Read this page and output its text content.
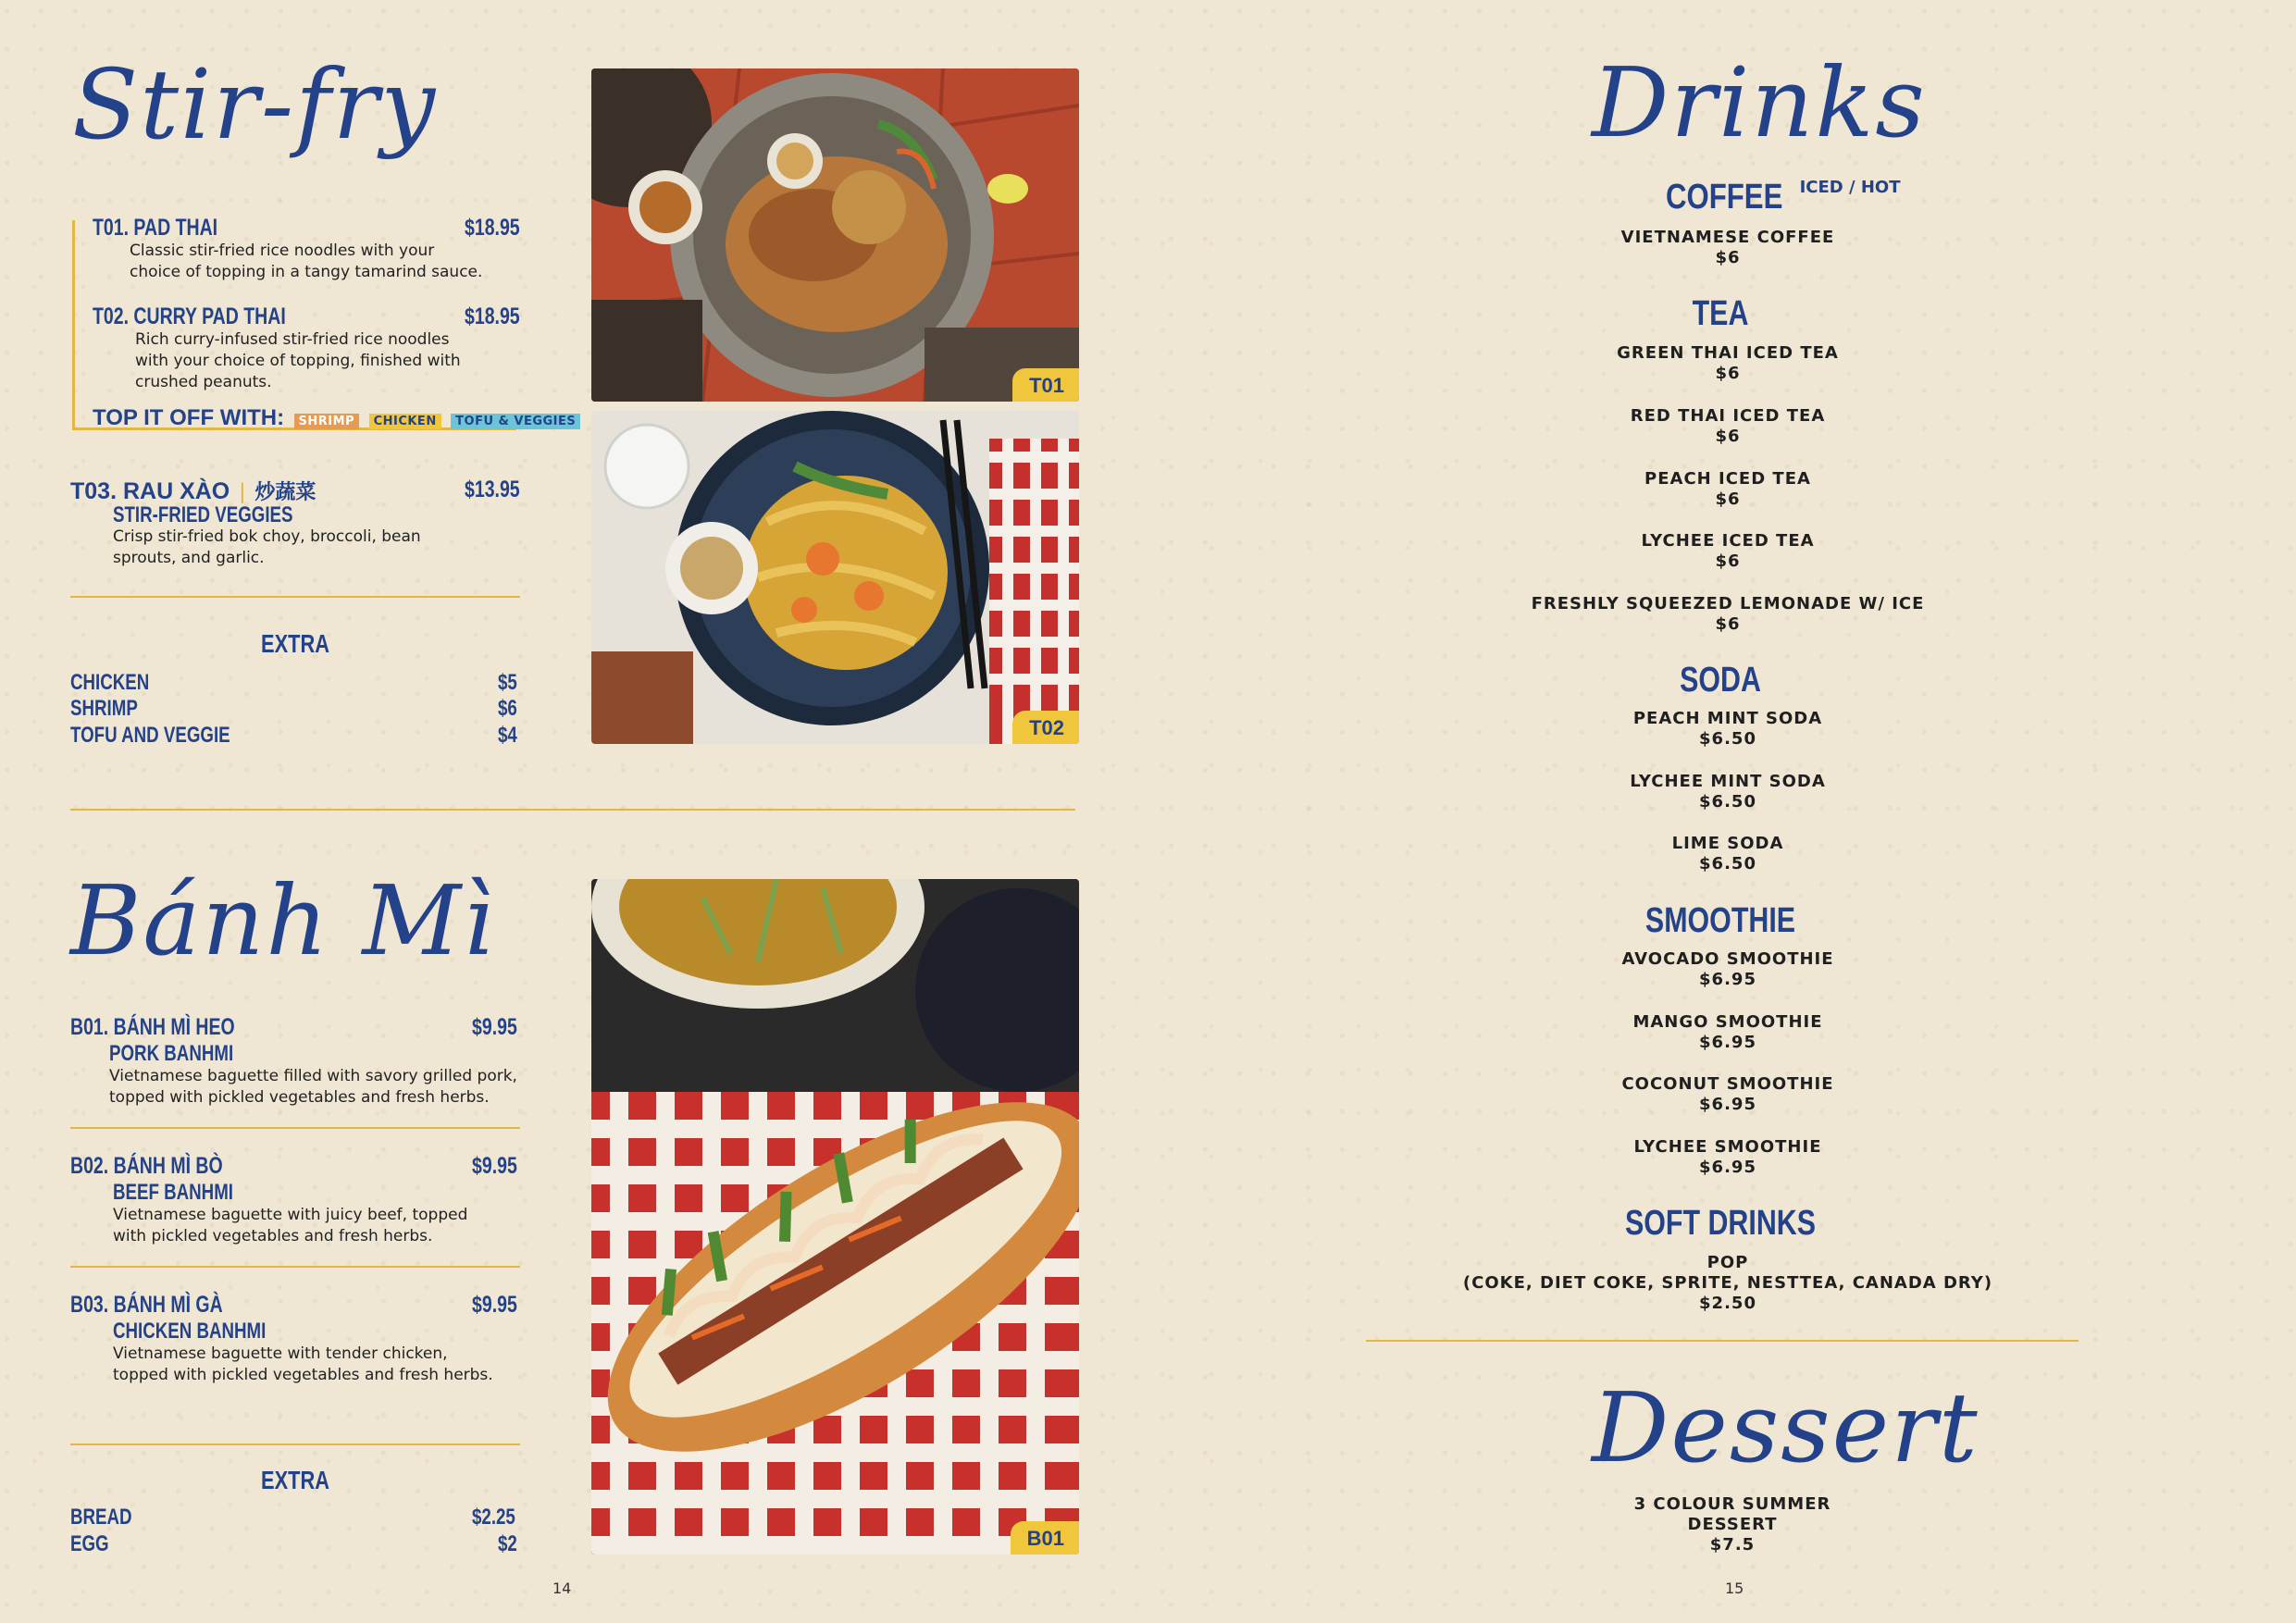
Stir-fry
T01. PAD THAI	$18.95
Classic stir-fried rice noodles with your
choice of topping in a tangy tamarind sauce.
T02. CURRY PAD THAI	$18.95
Rich curry-infused stir-fried rice noodles
with your choice of topping, finished with
crushed peanuts.
TOP IT OFF WITH: SHRIMP CHICKEN TOFU & VEGGIES
T03. RAU XÀO | 炒蔬菜	$13.95
STIR-FRIED VEGGIES
Crisp stir-fried bok choy, broccoli, bean
sprouts, and garlic.
EXTRA
CHICKEN	$5
SHRIMP	$6
TOFU AND VEGGIE	$4
T01
T02
Bánh Mì
B01. BÁNH MÌ HEO	$9.95
PORK BANHMI
Vietnamese baguette filled with savory grilled pork,
topped with pickled vegetables and fresh herbs.
B02. BÁNH MÌ BÒ	$9.95
BEEF BANHMI
Vietnamese baguette with juicy beef, topped
with pickled vegetables and fresh herbs.
B03. BÁNH MÌ GÀ	$9.95
CHICKEN BANHMI
Vietnamese baguette with tender chicken,
topped with pickled vegetables and fresh herbs.
EXTRA
BREAD	$2.25
EGG	$2	B01
14
Drinks
COFFEE ICED / HOT
VIETNAMESE COFFEE
$6
TEA
GREEN THAI ICED TEA
$6
RED THAI ICED TEA
$6
PEACH ICED TEA
$6
LYCHEE ICED TEA
$6
FRESHLY SQUEEZED LEMONADE W/ ICE
$6
SODA
PEACH MINT SODA
$6.50
LYCHEE MINT SODA
$6.50
LIME SODA
$6.50
SMOOTHIE
AVOCADO SMOOTHIE
$6.95
MANGO SMOOTHIE
$6.95
COCONUT SMOOTHIE
$6.95
LYCHEE SMOOTHIE
$6.95
SOFT DRINKS
POP
(COKE, DIET COKE, SPRITE, NESTTEA, CANADA DRY)
$2.50
Dessert
3 COLOUR SUMMER
DESSERT
$7.5
15
